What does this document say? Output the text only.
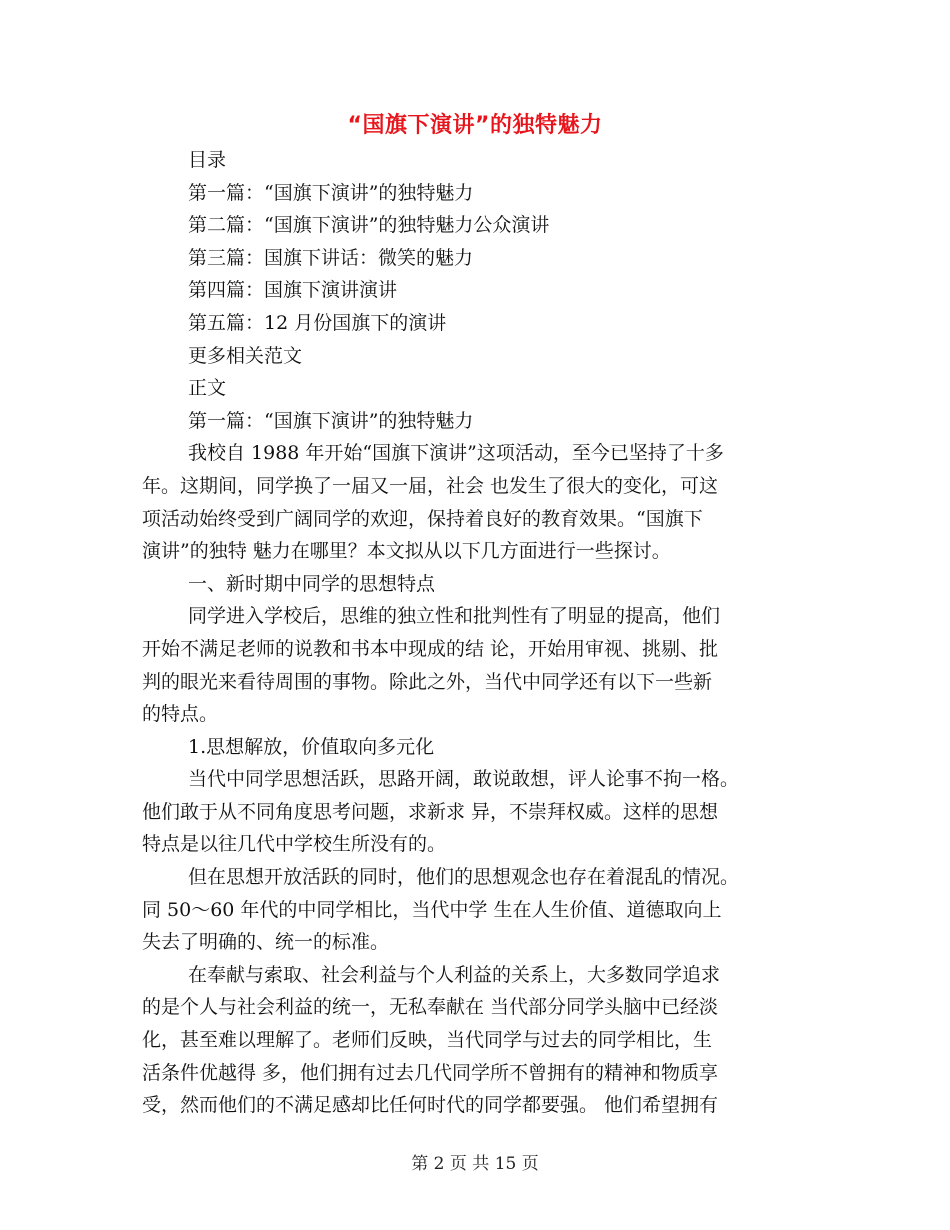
“国旗下演讲”的独特魅力
目录
第一篇：“国旗下演讲”的独特魅力
第二篇：“国旗下演讲”的独特魅力公众演讲
第三篇：国旗下讲话：微笑的魅力
第四篇：国旗下演讲演讲
第五篇：12 月份国旗下的演讲
更多相关范文
正文
第一篇：“国旗下演讲”的独特魅力
我校自 1988 年开始“国旗下演讲”这项活动，至今已坚持了十多
年。这期间，同学换了一届又一届，社会 也发生了很大的变化，可这
项活动始终受到广阔同学的欢迎，保持着良好的教育效果。“国旗下
演讲”的独特 魅力在哪里？本文拟从以下几方面进行一些探讨。
一、新时期中同学的思想特点
同学进入学校后，思维的独立性和批判性有了明显的提高，他们
开始不满足老师的说教和书本中现成的结 论，开始用审视、挑剔、批
判的眼光来看待周围的事物。除此之外，当代中同学还有以下一些新
的特点。
1.思想解放，价值取向多元化
当代中同学思想活跃，思路开阔，敢说敢想，评人论事不拘一格。
他们敢于从不同角度思考问题，求新求 异，不崇拜权威。这样的思想
特点是以往几代中学校生所没有的。
但在思想开放活跃的同时，他们的思想观念也存在着混乱的情况。
同 50～60 年代的中同学相比，当代中学 生在人生价值、道德取向上
失去了明确的、统一的标准。
在奉献与索取、社会利益与个人利益的关系上，大多数同学追求
的是个人与社会利益的统一，无私奉献在 当代部分同学头脑中已经淡
化，甚至难以理解了。老师们反映，当代同学与过去的同学相比，生
活条件优越得 多，他们拥有过去几代同学所不曾拥有的精神和物质享
受，然而他们的不满足感却比任何时代的同学都要强。 他们希望拥有
第 2 页 共 15 页
